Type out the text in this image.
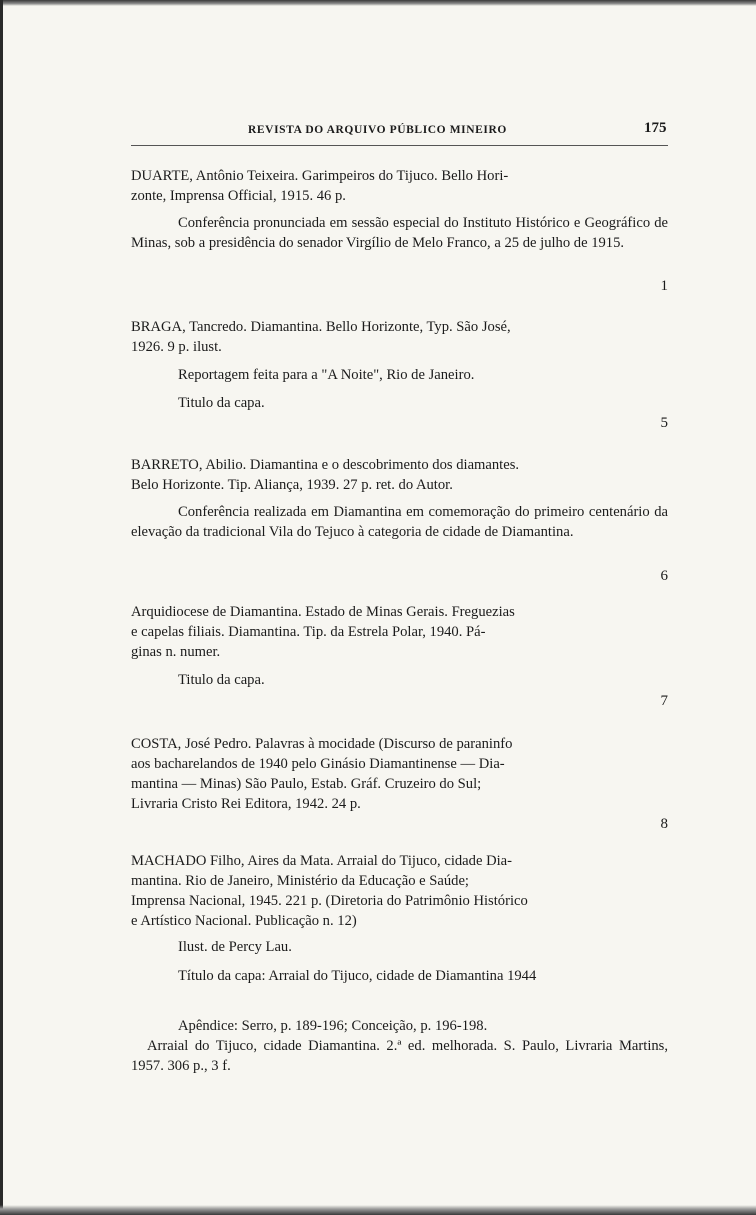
REVISTA DO ARQUIVO PÚBLICO MINEIRO	175

DUARTE, Antônio Teixeira. Garimpeiros do Tijuco. Bello Hori-
zonte, Imprensa Official, 1915. 46 p.

Conferência pronunciada em sessão especial do Instituto Histórico e Geográfico de Minas, sob a presidência do senador Virgílio de Melo Franco, a 25 de julho de 1915.

1

BRAGA, Tancredo. Diamantina. Bello Horizonte, Typ. São José,
1926. 9 p. ilust.

Reportagem feita para a "A Noite", Rio de Janeiro.

Titulo da capa.

5

BARRETO, Abilio. Diamantina e o descobrimento dos diamantes.
Belo Horizonte. Tip. Aliança, 1939. 27 p. ret. do Autor.

Conferência realizada em Diamantina em comemoração do primeiro centenário da elevação da tradicional Vila do Tejuco à categoria de cidade de Diamantina.

6

Arquidiocese de Diamantina. Estado de Minas Gerais. Freguezias
e capelas filiais. Diamantina. Tip. da Estrela Polar, 1940. Pá-
ginas n. numer.

Titulo da capa.

7

COSTA, José Pedro. Palavras à mocidade (Discurso de paraninfo
aos bacharelandos de 1940 pelo Ginásio Diamantinense — Dia-
mantina — Minas) São Paulo, Estab. Gráf. Cruzeiro do Sul;
Livraria Cristo Rei Editora, 1942. 24 p.

8

MACHADO Filho, Aires da Mata. Arraial do Tijuco, cidade Dia-
mantina. Rio de Janeiro, Ministério da Educação e Saúde;
Imprensa Nacional, 1945. 221 p. (Diretoria do Patrimônio Histórico
e Artístico Nacional. Publicação n. 12)

Ilust. de Percy Lau.

Título da capa: Arraial do Tijuco, cidade de Diamantina 1944

Apêndice: Serro, p. 189-196; Conceição, p. 196-198.

Arraial do Tijuco, cidade Diamantina. 2.ª ed. melhorada. S. Paulo, Livraria Martins, 1957. 306 p., 3 f.
